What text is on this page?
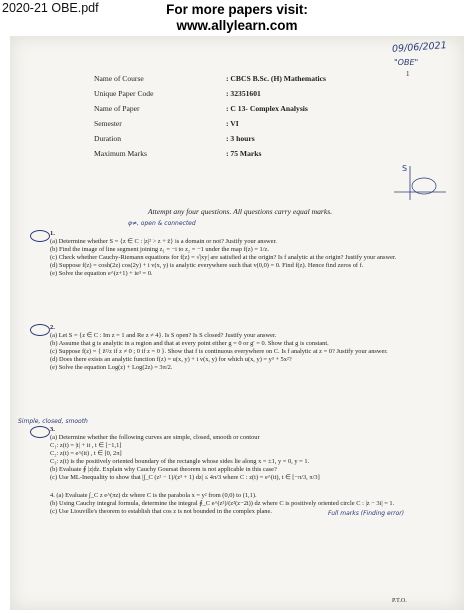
2020-21 OBE.pdf	For more papers visit:
www.allylearn.com
09/06/2021
"OBE"
1
Name of Course	: CBCS B.Sc. (H) Mathematics
Unique Paper Code	: 32351601
Name of Paper	: C 13- Complex Analysis
Semester	: VI
Duration	: 3 hours
Maximum Marks	: 75 Marks
Attempt any four questions. All questions carry equal marks.
S
φ≠, open & connected
1.
(a) Determine whether S = {z ∈ C : |z|² > z + z̄} is a domain or not? Justify your answer.
(b) Find the image of line segment joining z₁ = −i to z₂ = −1 under the map f(z) = 1/z.
(c) Check whether Cauchy-Riemann equations for f(z) = √|xy| are satisfied at the origin? Is f analytic at the origin? Justify your answer.
(d) Suppose f(z) = cosh(2z) cos(2y) + i v(x, y) is analytic everywhere such that v(0,0) = 0. Find f(z). Hence find zeros of f.
(e) Solve the equation e^(z+1) + ie³ = 0.
2.
(a) Let S = {z ∈ C : Im z = 1 and Re z ≠ 4}. Is S open? Is S closed? Justify your answer.
(b) Assume that g is analytic in a region and that at every point either g = 0 or g′ = 0. Show that g is constant.
(c) Suppose f(z) = { z̄²/z if z ≠ 0 ; 0 if z = 0 }. Show that f is continuous everywhere on C. Is f analytic at z = 0? Justify your answer.
(d) Does there exists an analytic function f(z) = u(x, y) + i v(x, y) for which u(x, y) = y³ + 5x²?
(e) Solve the equation Log(z) + Log(2z) = 3π/2.
Simple, closed, smooth
3.
(a) Determine whether the following curves are simple, closed, smooth or contour
C₁: z(t) = |t| + it , t ∈ [−1,1]
C₂: z(t) = e^(it) , t ∈ [0, 2π]
C₃: z(t) is the positively oriented boundary of the rectangle whose sides lie along x = ±1, y = 0, y = 1.
(b) Evaluate ∮ |z|dz. Explain why Cauchy Goursat theorem is not applicable in this case?
(c) Use ML-Inequality to show that |∫_C (z² − 1)/(z³ + 1) dz| ≤ 4π/3 where C : z(t) = e^(it), t ∈ [−π/3, π/3]
4. (a) Evaluate ∫_C z e^(πz) dz where C is the parabola x = y² from (0,0) to (1,1).
(b) Using Cauchy integral formula, determine the integral ∮_C e^(z²)/(z²(z−2i)) dz where C is positively oriented circle C : |z − 3i| = 1.
(c) Use Liouville's theorem to establish that cos z is not bounded in the complex plane.	Full marks (Finding error)
P.T.O.
